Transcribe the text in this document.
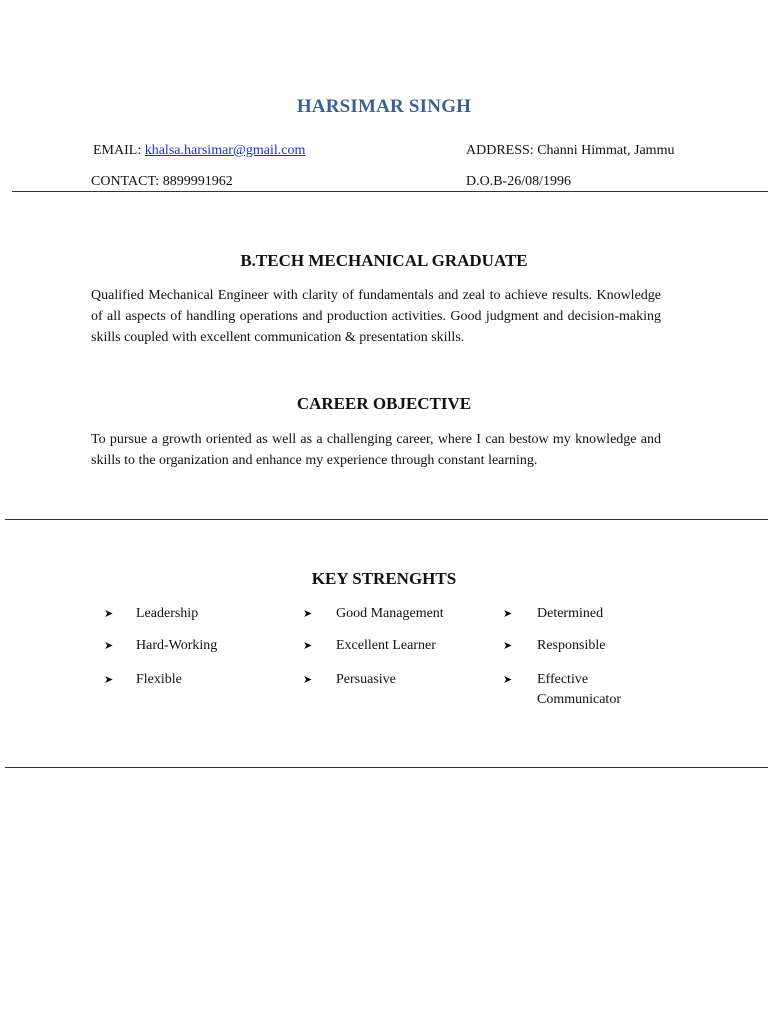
HARSIMAR SINGH
EMAIL: khalsa.harsimar@gmail.com	ADDRESS: Channi Himmat, Jammu
CONTACT: 8899991962	D.O.B-26/08/1996
B.TECH MECHANICAL GRADUATE
Qualified Mechanical Engineer with clarity of fundamentals and zeal to achieve results. Knowledge of all aspects of handling operations and production activities. Good judgment and decision-making skills coupled with excellent communication & presentation skills.
CAREER OBJECTIVE
To pursue a growth oriented as well as a challenging career, where I can bestow my knowledge and skills to the organization and enhance my experience through constant learning.
KEY STRENGHTS
➤ Leadership	➤ Good Management	➤ Determined
➤ Hard-Working	➤ Excellent Learner	➤ Responsible
➤ Flexible	➤ Persuasive	➤ Effective
Communicator
